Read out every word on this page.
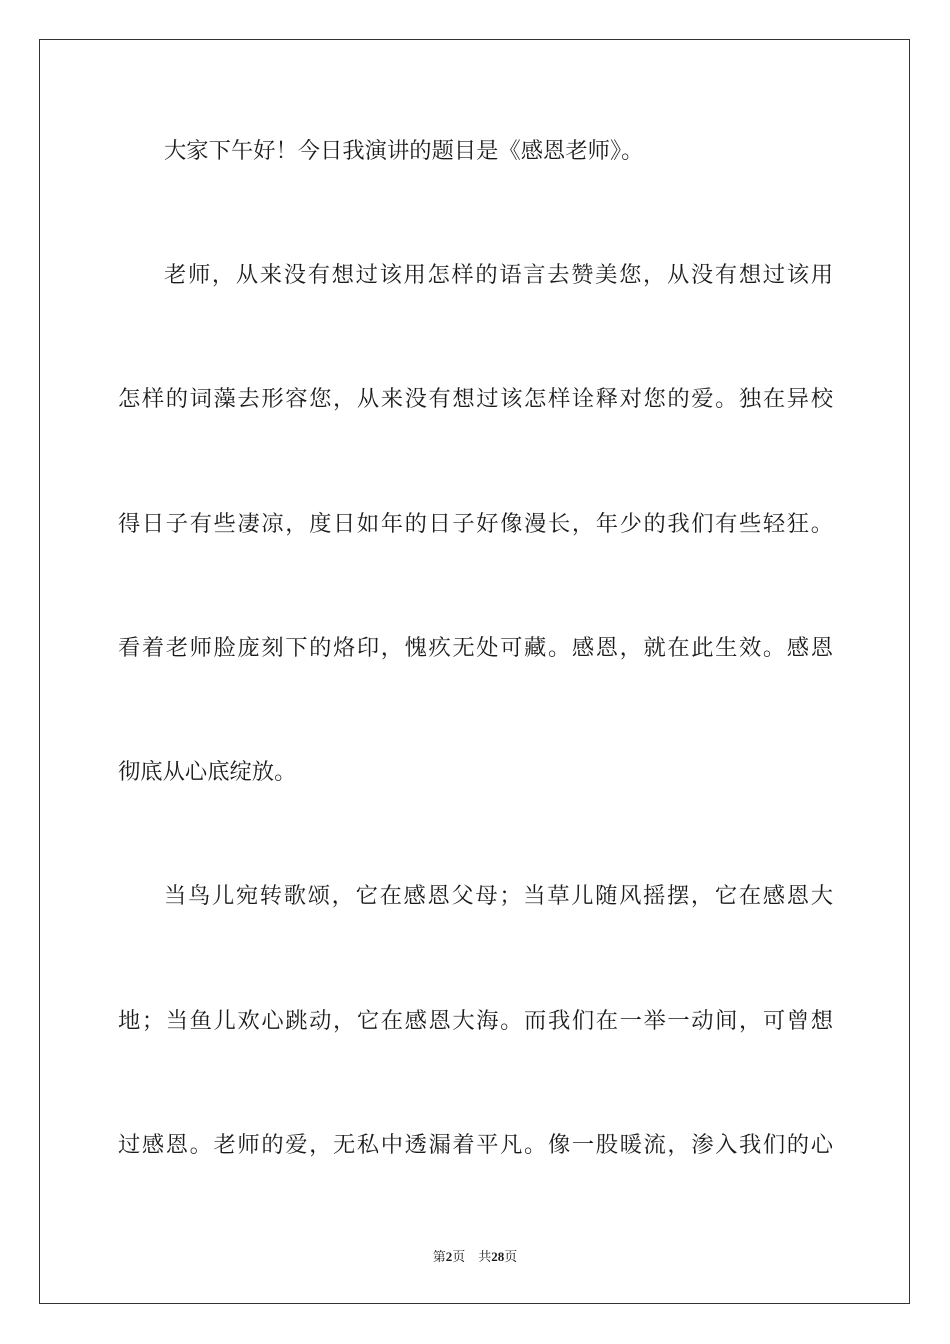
大家下午好！今日我演讲的题目是《感恩老师》。
老师，从来没有想过该用怎样的语言去赞美您，从没有想过该用
怎样的词藻去形容您，从来没有想过该怎样诠释对您的爱。独在异校
得日子有些凄凉，度日如年的日子好像漫长，年少的我们有些轻狂。
看着老师脸庞刻下的烙印，愧疚无处可藏。感恩，就在此生效。感恩
彻底从心底绽放。
当鸟儿宛转歌颂，它在感恩父母；当草儿随风摇摆，它在感恩大
地；当鱼儿欢心跳动，它在感恩大海。而我们在一举一动间，可曾想
过感恩。老师的爱，无私中透漏着平凡。像一股暖流，渗入我们的心
第2页 共28页
